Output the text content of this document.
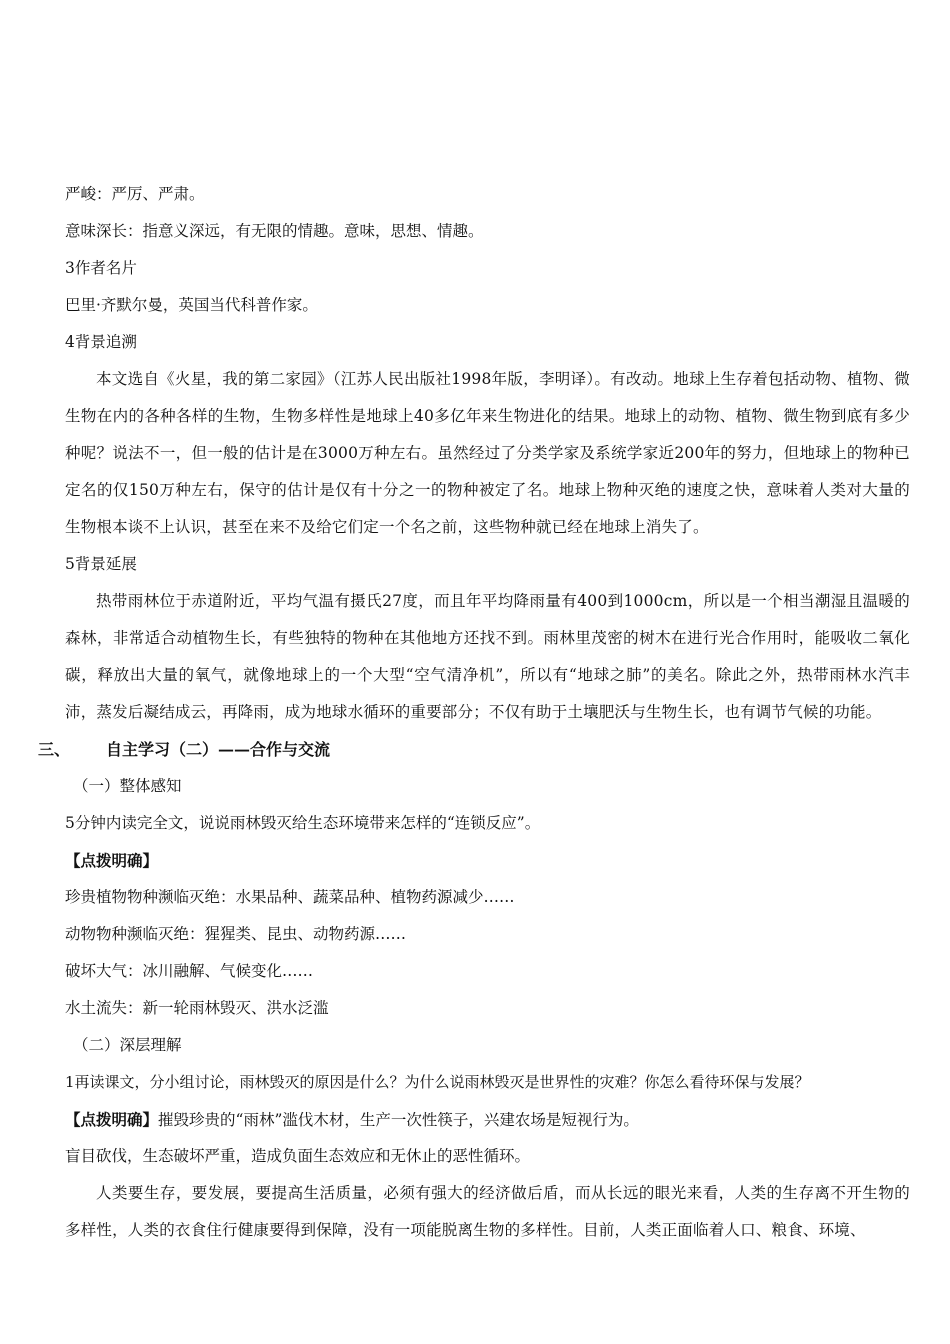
严峻：严厉、严肃。
意味深长：指意义深远，有无限的情趣。意味，思想、情趣。
3作者名片
巴里·齐默尔曼，英国当代科普作家。
4背景追溯
本文选自《火星，我的第二家园》（江苏人民出版社1998年版，李明译）。有改动。地球上生存着包括动物、植物、微生物在内的各种各样的生物，生物多样性是地球上40多亿年来生物进化的结果。地球上的动物、植物、微生物到底有多少种呢？说法不一，但一般的估计是在3000万种左右。虽然经过了分类学家及系统学家近200年的努力，但地球上的物种已定名的仅150万种左右，保守的估计是仅有十分之一的物种被定了名。地球上物种灭绝的速度之快，意味着人类对大量的生物根本谈不上认识，甚至在来不及给它们定一个名之前，这些物种就已经在地球上消失了。
5背景延展
热带雨林位于赤道附近，平均气温有摄氏27度，而且年平均降雨量有400到1000cm，所以是一个相当潮湿且温暖的森林，非常适合动植物生长，有些独特的物种在其他地方还找不到。雨林里茂密的树木在进行光合作用时，能吸收二氧化碳，释放出大量的氧气，就像地球上的一个大型“空气清净机”，所以有“地球之肺”的美名。除此之外，热带雨林水汽丰沛，蒸发后凝结成云，再降雨，成为地球水循环的重要部分；不仅有助于土壤肥沃与生物生长，也有调节气候的功能。
三、 自主学习（二）——合作与交流
（一）整体感知
5分钟内读完全文，说说雨林毁灭给生态环境带来怎样的“连锁反应”。
【点拨明确】
珍贵植物物种濒临灭绝：水果品种、蔬菜品种、植物药源减少……
动物物种濒临灭绝：猩猩类、昆虫、动物药源……
破坏大气：冰川融解、气候变化……
水土流失：新一轮雨林毁灭、洪水泛滥
（二）深层理解
1再读课文，分小组讨论，雨林毁灭的原因是什么？为什么说雨林毁灭是世界性的灾难？你怎么看待环保与发展？
【点拨明确】摧毁珍贵的“雨林”滥伐木材，生产一次性筷子，兴建农场是短视行为。
盲目砍伐，生态破坏严重，造成负面生态效应和无休止的恶性循环。
人类要生存，要发展，要提高生活质量，必须有强大的经济做后盾，而从长远的眼光来看，人类的生存离不开生物的多样性，人类的衣食住行健康要得到保障，没有一项能脱离生物的多样性。目前，人类正面临着人口、粮食、环境、
